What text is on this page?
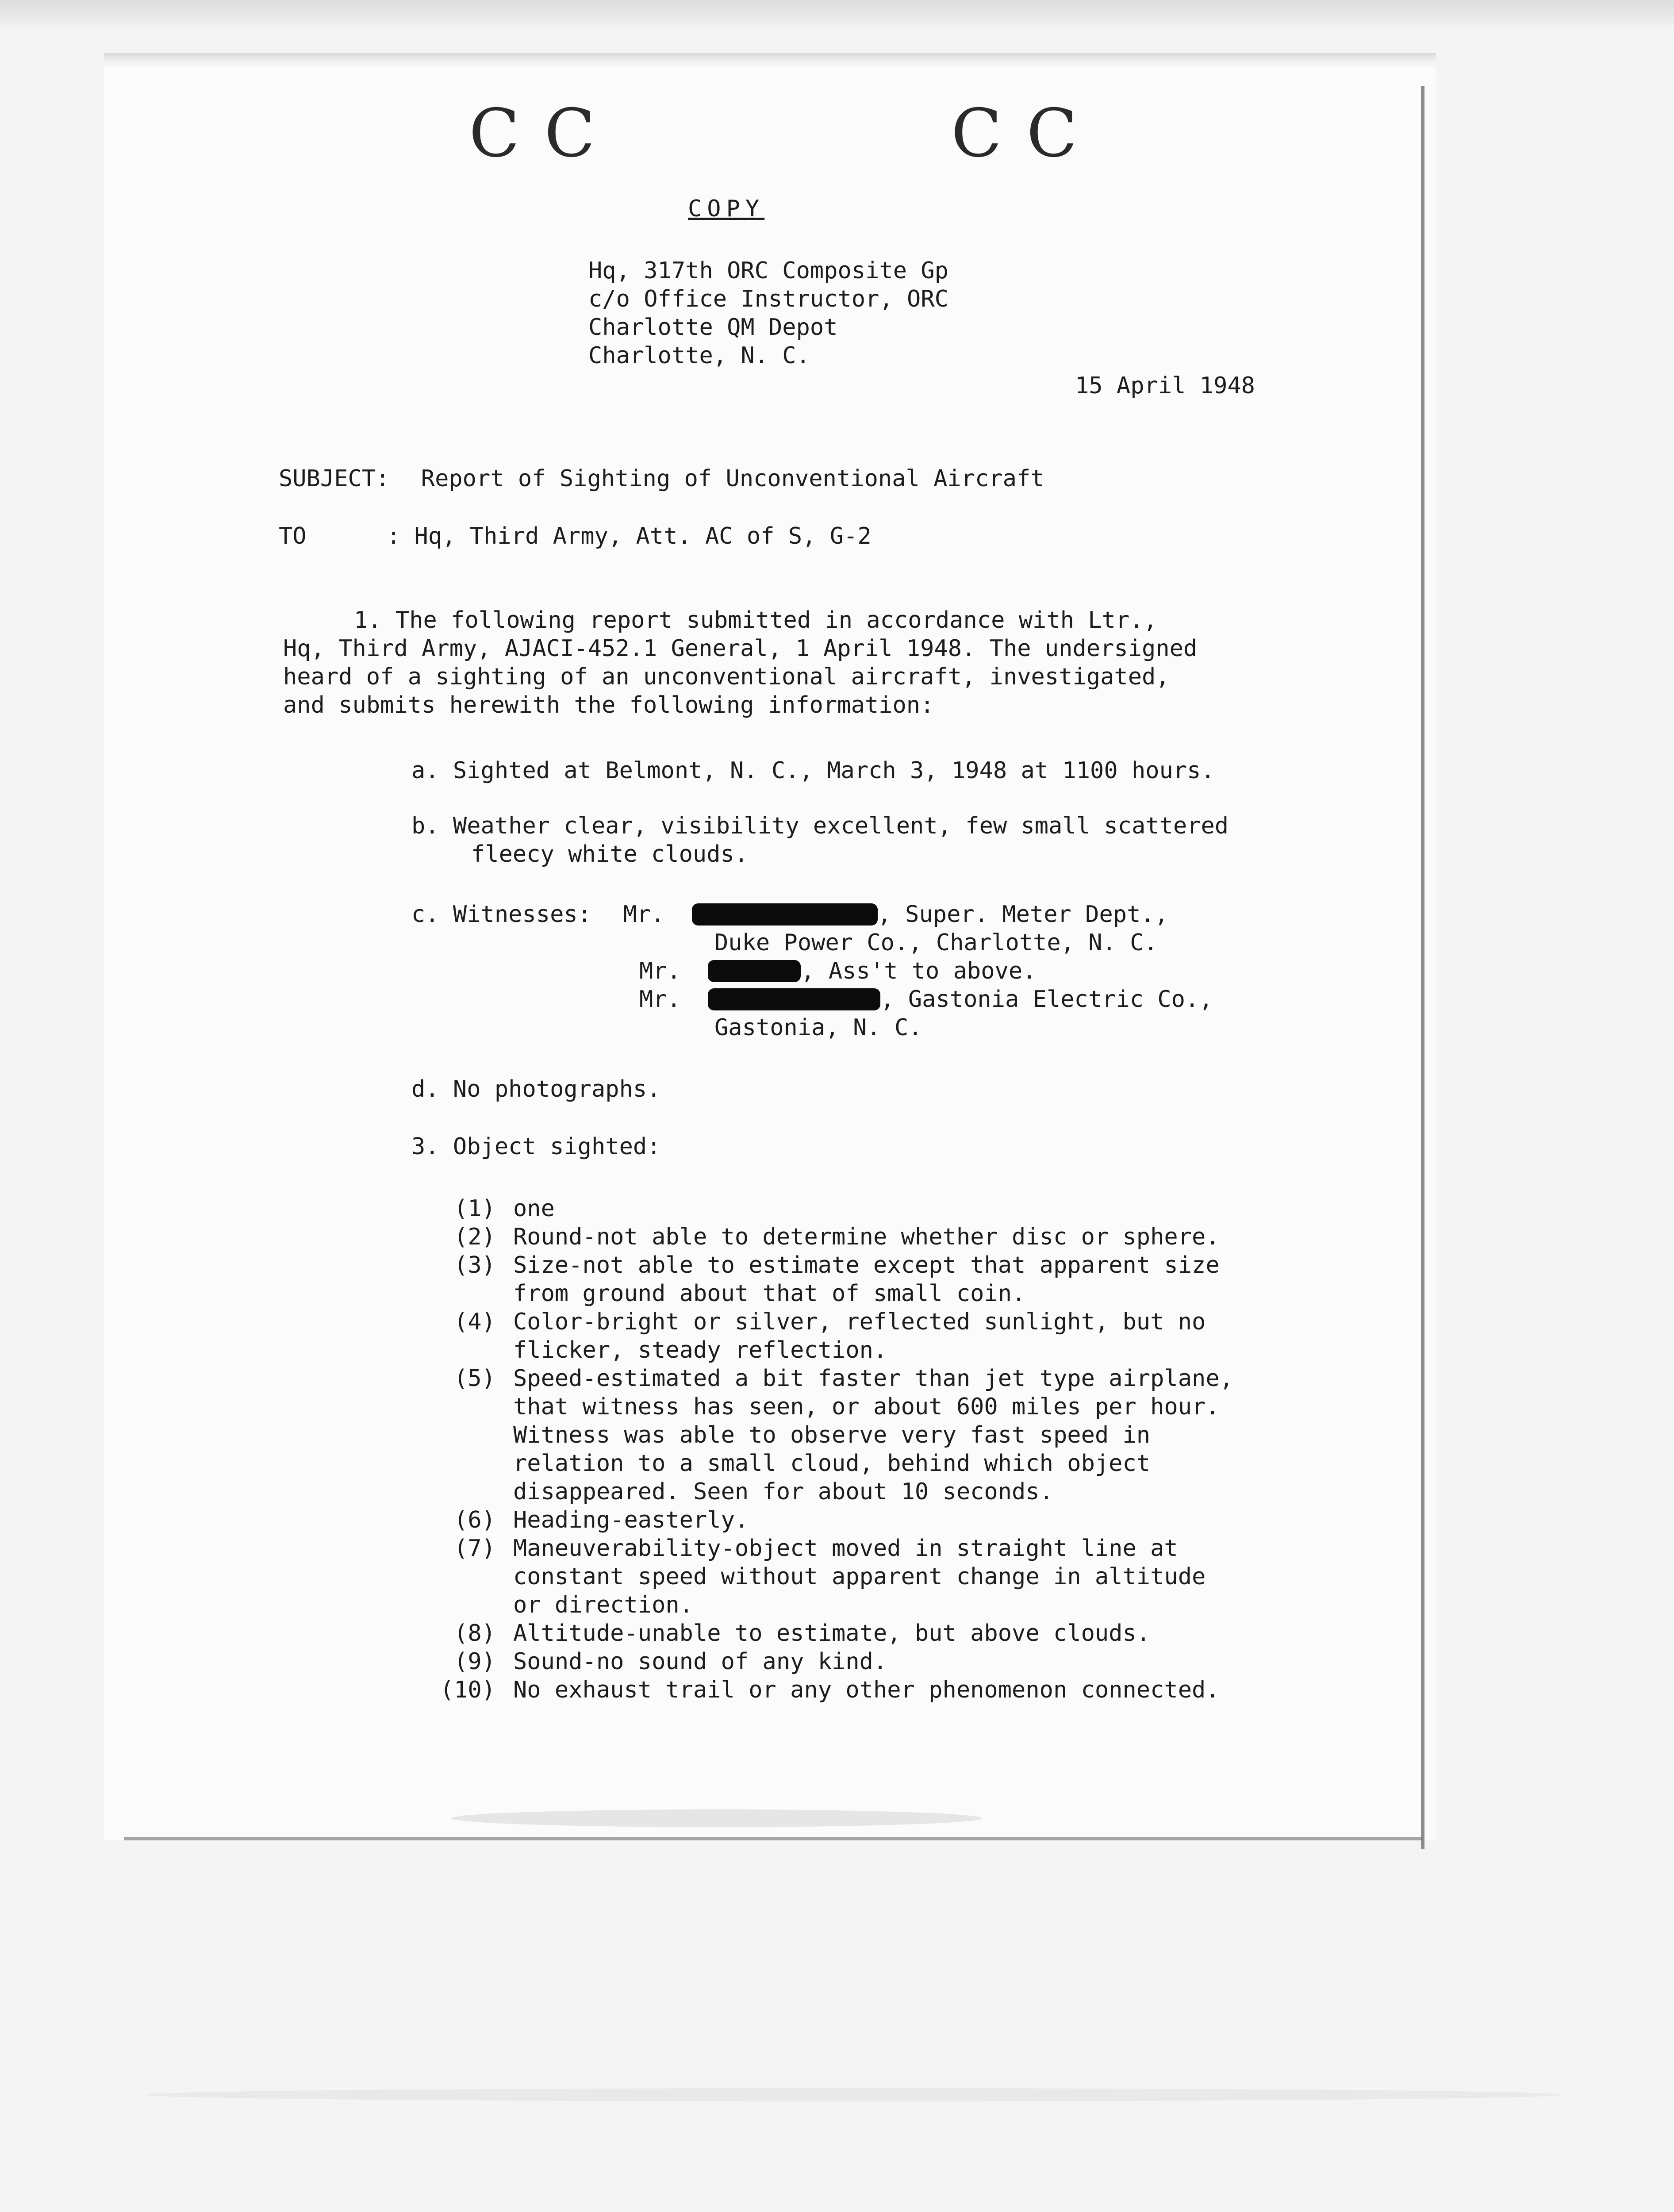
C C	C C
COPY
Hq, 317th ORC Composite Gp
c/o Office Instructor, ORC
Charlotte QM Depot
Charlotte, N. C.
15 April 1948
SUBJECT: Report of Sighting of Unconventional Aircraft
TO	: Hq, Third Army, Att. AC of S, G-2
1. The following report submitted in accordance with Ltr.,
Hq, Third Army, AJACI-452.1 General, 1 April 1948. The undersigned
heard of a sighting of an unconventional aircraft, investigated,
and submits herewith the following information:
a. Sighted at Belmont, N. C., March 3, 1948 at 1100 hours.
b. Weather clear, visibility excellent, few small scattered
fleecy white clouds.
c. Witnesses: Mr.	, Super. Meter Dept.,
Duke Power Co., Charlotte, N. C.
Mr.	, Ass't to above.
Mr.	, Gastonia Electric Co.,
Gastonia, N. C.
d. No photographs.
3. Object sighted:
(1) one
(2) Round-not able to determine whether disc or sphere.
(3) Size-not able to estimate except that apparent size
from ground about that of small coin.
(4) Color-bright or silver, reflected sunlight, but no
flicker, steady reflection.
(5) Speed-estimated a bit faster than jet type airplane,
that witness has seen, or about 600 miles per hour.
Witness was able to observe very fast speed in
relation to a small cloud, behind which object
disappeared. Seen for about 10 seconds.
(6) Heading-easterly.
(7) Maneuverability-object moved in straight line at
constant speed without apparent change in altitude
or direction.
(8) Altitude-unable to estimate, but above clouds.
(9) Sound-no sound of any kind.
(10) No exhaust trail or any other phenomenon connected.
